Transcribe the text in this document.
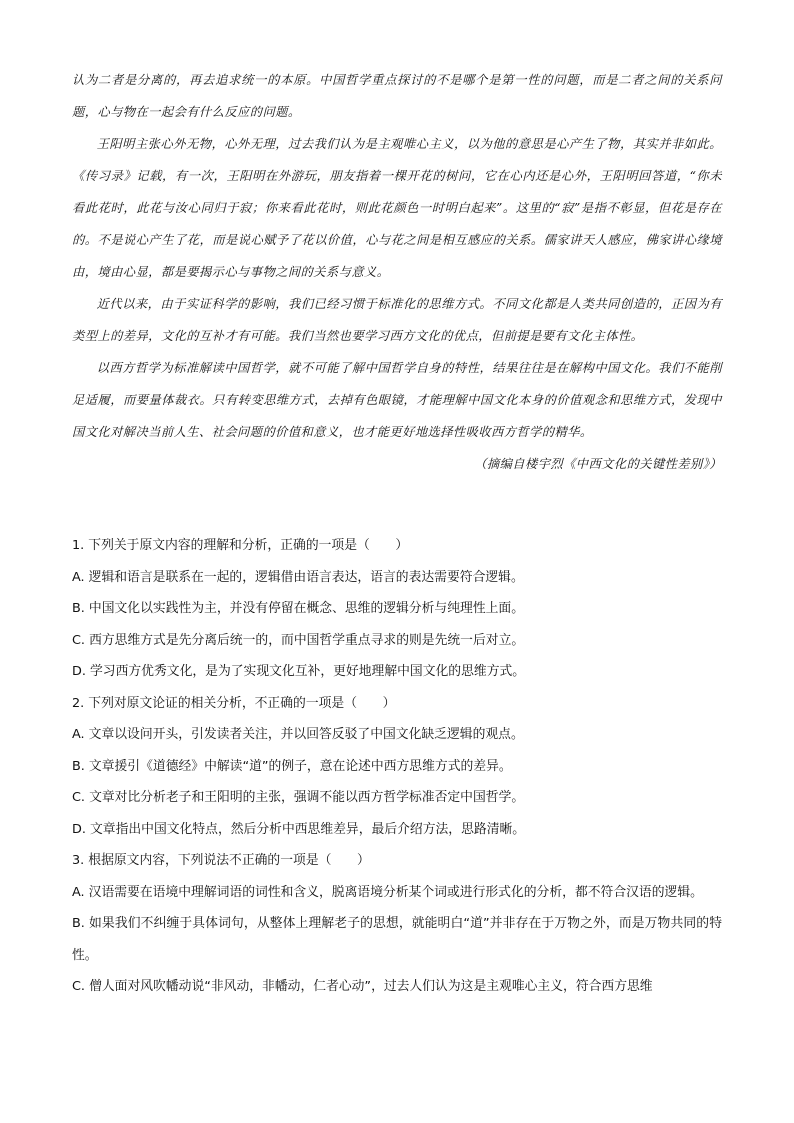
认为二者是分离的，再去追求统一的本原。中国哲学重点探讨的不是哪个是第一性的问题，而是二者之间的关系问题，心与物在一起会有什么反应的问题。

王阳明主张心外无物，心外无理，过去我们认为是主观唯心主义，以为他的意思是心产生了物，其实并非如此。《传习录》记载，有一次，王阳明在外游玩，朋友指着一棵开花的树问，它在心内还是心外，王阳明回答道，“你未看此花时，此花与汝心同归于寂；你来看此花时，则此花颜色一时明白起来”。这里的“寂”是指不彰显，但花是存在的。不是说心产生了花，而是说心赋予了花以价值，心与花之间是相互感应的关系。儒家讲天人感应，佛家讲心缘境由，境由心显，都是要揭示心与事物之间的关系与意义。

近代以来，由于实证科学的影响，我们已经习惯于标准化的思维方式。不同文化都是人类共同创造的，正因为有类型上的差异，文化的互补才有可能。我们当然也要学习西方文化的优点，但前提是要有文化主体性。

以西方哲学为标准解读中国哲学，就不可能了解中国哲学自身的特性，结果往往是在解构中国文化。我们不能削足适履，而要量体裁衣。只有转变思维方式，去掉有色眼镜，才能理解中国文化本身的价值观念和思维方式，发现中国文化对解决当前人生、社会问题的价值和意义，也才能更好地选择性吸收西方哲学的精华。

（摘编自楼宇烈《中西文化的关键性差别》）

1. 下列关于原文内容的理解和分析，正确的一项是（　　）

A. 逻辑和语言是联系在一起的，逻辑借由语言表达，语言的表达需要符合逻辑。

B. 中国文化以实践性为主，并没有停留在概念、思维的逻辑分析与纯理性上面。

C. 西方思维方式是先分离后统一的，而中国哲学重点寻求的则是先统一后对立。

D. 学习西方优秀文化，是为了实现文化互补，更好地理解中国文化的思维方式。

2. 下列对原文论证的相关分析，不正确的一项是（　　）

A. 文章以设问开头，引发读者关注，并以回答反驳了中国文化缺乏逻辑的观点。

B. 文章援引《道德经》中解读“道”的例子，意在论述中西方思维方式的差异。

C. 文章对比分析老子和王阳明的主张，强调不能以西方哲学标准否定中国哲学。

D. 文章指出中国文化特点，然后分析中西思维差异，最后介绍方法，思路清晰。

3. 根据原文内容，下列说法不正确的一项是（　　）

A. 汉语需要在语境中理解词语的词性和含义，脱离语境分析某个词或进行形式化的分析，都不符合汉语的逻辑。

B. 如果我们不纠缠于具体词句，从整体上理解老子的思想，就能明白“道”并非存在于万物之外，而是万物共同的特性。

C. 僧人面对风吹幡动说“非风动，非幡动，仁者心动”，过去人们认为这是主观唯心主义，符合西方思维
